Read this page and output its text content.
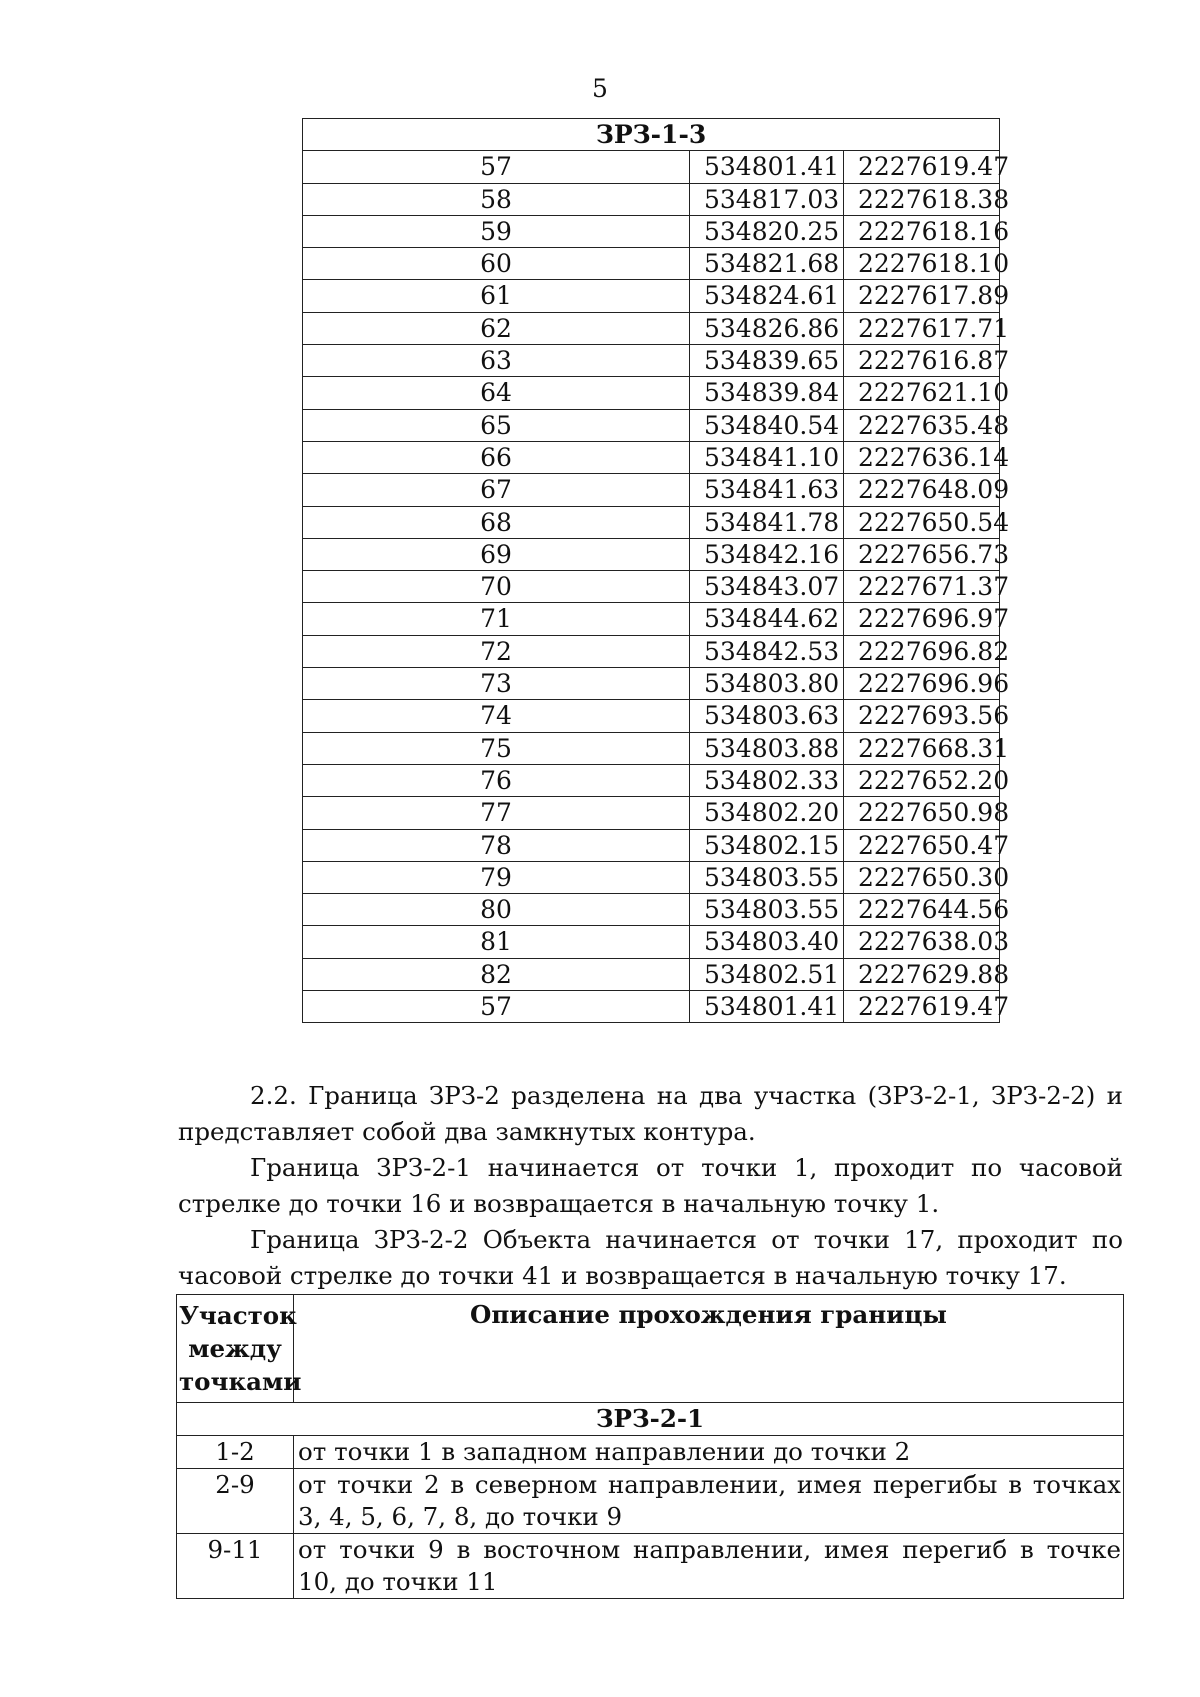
5
ЗРЗ-1-3		
57	534801.41	2227619.47
58	534817.03	2227618.38
59	534820.25	2227618.16
60	534821.68	2227618.10
61	534824.61	2227617.89
62	534826.86	2227617.71
63	534839.65	2227616.87
64	534839.84	2227621.10
65	534840.54	2227635.48
66	534841.10	2227636.14
67	534841.63	2227648.09
68	534841.78	2227650.54
69	534842.16	2227656.73
70	534843.07	2227671.37
71	534844.62	2227696.97
72	534842.53	2227696.82
73	534803.80	2227696.96
74	534803.63	2227693.56
75	534803.88	2227668.31
76	534802.33	2227652.20
77	534802.20	2227650.98
78	534802.15	2227650.47
79	534803.55	2227650.30
80	534803.55	2227644.56
81	534803.40	2227638.03
82	534802.51	2227629.88
57	534801.41	2227619.47

2.2. Граница ЗРЗ-2 разделена на два участка (ЗРЗ-2-1, ЗРЗ-2-2) и представляет собой два замкнутых контура.

Граница ЗРЗ-2-1 начинается от точки 1, проходит по часовой стрелке до точки 16 и возвращается в начальную точку 1.

Граница ЗРЗ-2-2 Объекта начинается от точки 17, проходит по часовой стрелке до точки 41 и возвращается в начальную точку 17.

Участок между точками	Описание прохождения границы
ЗРЗ-2-1	
1-2	от точки 1 в западном направлении до точки 2
2-9	от точки 2 в северном направлении, имея перегибы в точках 3, 4, 5, 6, 7, 8, до точки 9
9-11	от точки 9 в восточном направлении, имея перегиб в точке 10, до точки 11
